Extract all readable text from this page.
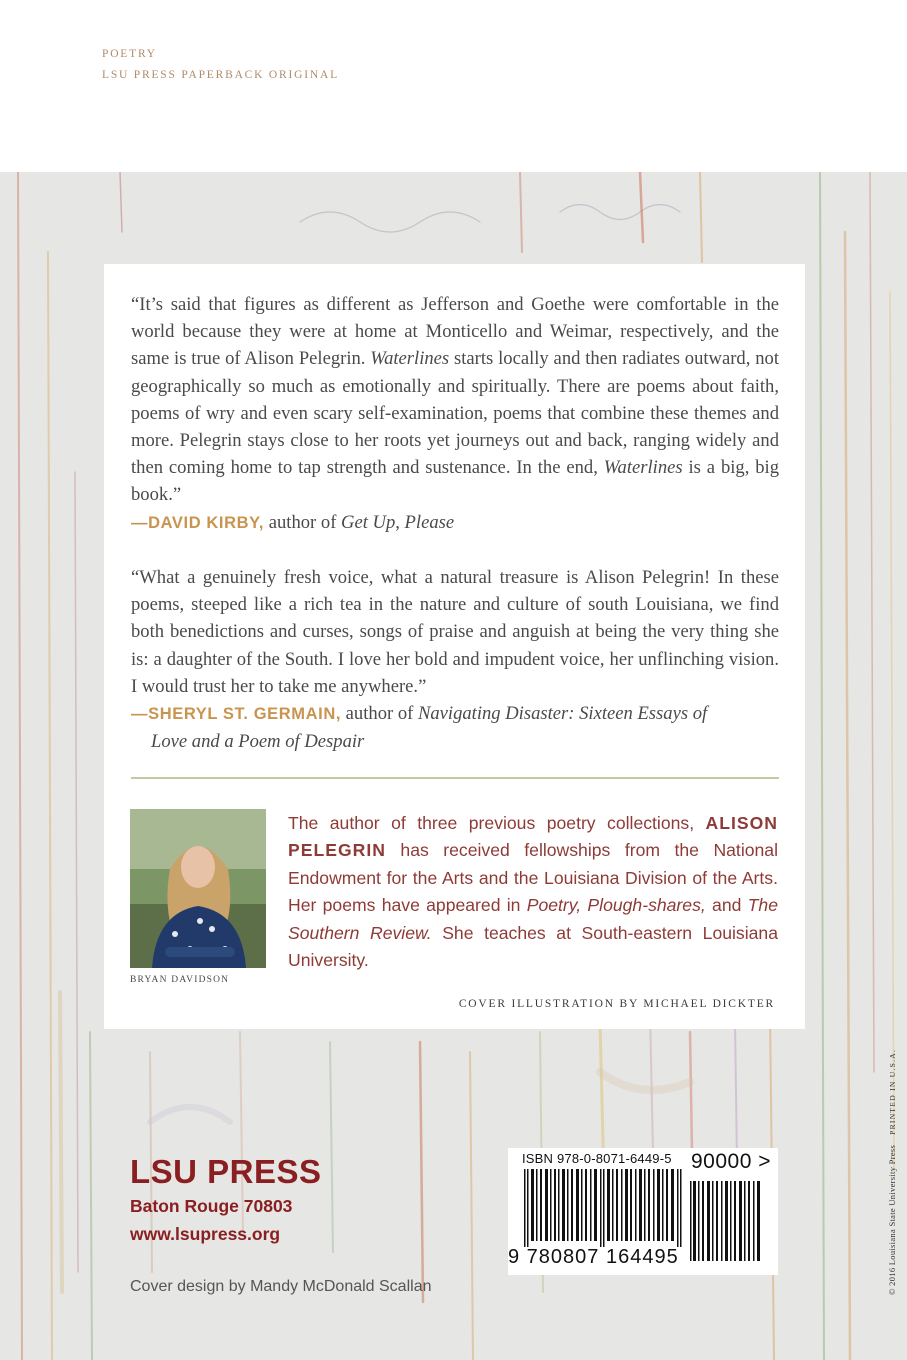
POETRY
LSU PRESS PAPERBACK ORIGINAL
“It’s said that figures as different as Jefferson and Goethe were comfortable in the world because they were at home at Monticello and Weimar, respectively, and the same is true of Alison Pelegrin. Waterlines starts locally and then radiates outward, not geographically so much as emotionally and spiritually. There are poems about faith, poems of wry and even scary self-examination, poems that combine these themes and more. Pelegrin stays close to her roots yet journeys out and back, ranging widely and then coming home to tap strength and sustenance. In the end, Waterlines is a big, big book.”
—DAVID KIRBY, author of Get Up, Please
“What a genuinely fresh voice, what a natural treasure is Alison Pelegrin! In these poems, steeped like a rich tea in the nature and culture of south Louisiana, we find both benedictions and curses, songs of praise and anguish at being the very thing she is: a daughter of the South. I love her bold and impudent voice, her unflinching vision. I would trust her to take me anywhere.”
—SHERYL ST. GERMAIN, author of Navigating Disaster: Sixteen Essays of
Love and a Poem of Despair
BRYAN DAVIDSON
The author of three previous poetry collections, ALISON PELEGRIN has received fellowships from the National Endowment for the Arts and the Louisiana Division of the Arts. Her poems have appeared in Poetry, Plough-shares, and The Southern Review. She teaches at South-eastern Louisiana University.
COVER ILLUSTRATION BY MICHAEL DICKTER
LSU PRESS
Baton Rouge 70803
www.lsupress.org
Cover design by Mandy McDonald Scallan
ISBN 978-0-8071-6449-5
9 780807 164495
90000 >	© 2016 Louisiana State University PressPRINTED IN U.S.A.
